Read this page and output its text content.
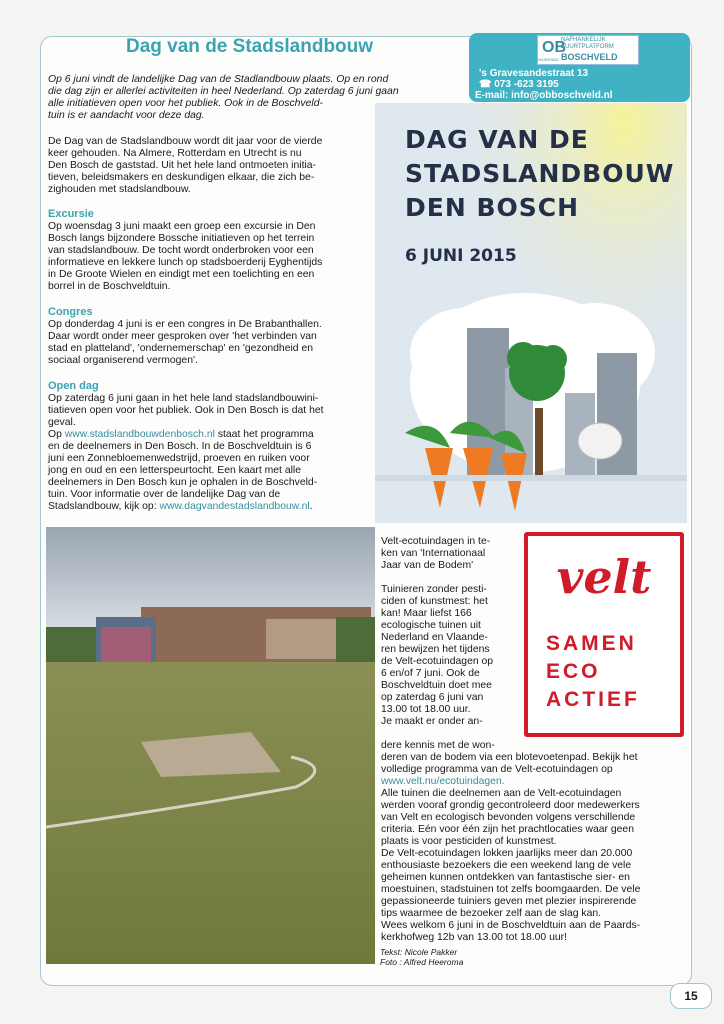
Dag van de Stadslandbouw	OB
NAFHANKELIJK
BUURTPLATFORM
WIJKRAAD BOSCHVELD
's Gravesandestraat 13
☎ 073 -623 3195
E-mail: info@obboschveld.nl
Op 6 juni vindt de landelijke Dag van de Stadlandbouw plaats. Op en rond
die dag zijn er allerlei activiteiten in heel Nederland. Op zaterdag 6 juni gaan
alle initiatieven open voor het publiek. Ook in de Boschveld-
tuin is er aandacht voor deze dag.
De Dag van de Stadslandbouw wordt dit jaar voor de vierde
keer gehouden. Na Almere, Rotterdam en Utrecht is nu
Den Bosch de gaststad. Uit het hele land ontmoeten initia-
tieven, beleidsmakers en deskundigen elkaar, die zich be-
zighouden met stadslandbouw.
Excursie
Op woensdag 3 juni maakt een groep een excursie in Den
Bosch langs bijzondere Bossche initiatieven op het terrein
van stadslandbouw. De tocht wordt onderbroken voor een
informatieve en lekkere lunch op stadsboerderij Eyghentijds
in De Groote Wielen en eindigt met een toelichting en een
borrel in de Boschveldtuin.
Congres
Op donderdag 4 juni is er een congres in De Brabanthallen.
Daar wordt onder meer gesproken over 'het verbinden van
stad en platteland', 'ondernemerschap' en 'gezondheid en
sociaal organiserend vermogen'.
Open dag
Op zaterdag 6 juni gaan in het hele land stadslandbouwini-
tiatieven open voor het publiek. Ook in Den Bosch is dat het
geval.
Op www.stadslandbouwdenbosch.nl staat het programma
en de deelnemers in Den Bosch. In de Boschveldtuin is 6
juni een Zonnebloemenwedstrijd, proeven en ruiken voor
jong en oud en een letterspeurtocht. Een kaart met alle
deelnemers in Den Bosch kun je ophalen in de Boschveld-
tuin. Voor informatie over de landelijke Dag van de
Stadslandbouw, kijk op: www.dagvandestadslandbouw.nl.
DAG VAN DE
STADSLANDBOUW
DEN BOSCH
6 JUNI 2015
velt
SAMEN
ECO
ACTIEF
Velt-ecotuindagen in te-
ken van 'Internationaal
Jaar van de Bodem'
Tuinieren zonder pesti-
ciden of kunstmest: het
kan! Maar liefst 166
ecologische tuinen uit
Nederland en Vlaande-
ren bewijzen het tijdens
de Velt-ecotuindagen op
6 en/of 7 juni. Ook de
Boschveldtuin doet mee
op zaterdag 6 juni van
13.00 tot 18.00 uur.
Je maakt er onder an-
dere kennis met de won-
deren van de bodem via een blotevoetenpad. Bekijk het
volledige programma van de Velt-ecotuindagen op
www.velt.nu/ecotuindagen.
Alle tuinen die deelnemen aan de Velt-ecotuindagen
werden vooraf grondig gecontroleerd door medewerkers
van Velt en ecologisch bevonden volgens verschillende
criteria. Eén voor één zijn het prachtlocaties waar geen
plaats is voor pesticiden of kunstmest.
De Velt-ecotuindagen lokken jaarlijks meer dan 20.000
enthousiaste bezoekers die een weekend lang de vele
geheimen kunnen ontdekken van fantastische sier- en
moestuinen, stadstuinen tot zelfs boomgaarden. De vele
gepassioneerde tuiniers geven met plezier inspirerende
tips waarmee de bezoeker zelf aan de slag kan.
Wees welkom 6 juni in de Boschveldtuin aan de Paards-
kerkhofweg 12b van 13.00 tot 18.00 uur!
Tekst: Nicole Pakker
Foto : Alfred Heeroma
15
